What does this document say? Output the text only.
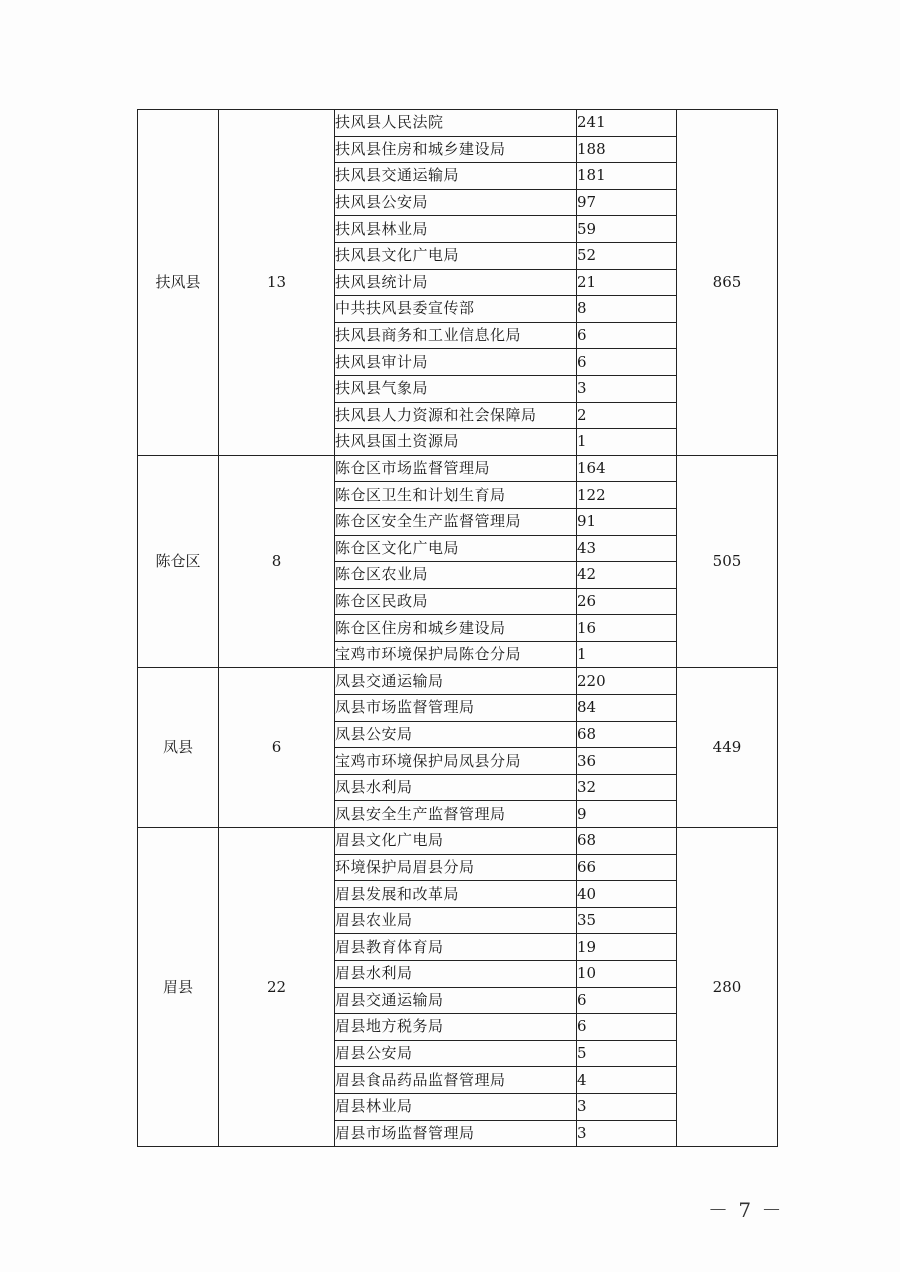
扶风县	13	扶风县人民法院	241	865
		扶风县住房和城乡建设局	188	
		扶风县交通运输局	181	
		扶风县公安局	97	
		扶风县林业局	59	
		扶风县文化广电局	52	
		扶风县统计局	21	
		中共扶风县委宣传部	8	
		扶风县商务和工业信息化局	6	
		扶风县审计局	6	
		扶风县气象局	3	
		扶风县人力资源和社会保障局	2	
		扶风县国土资源局	1	
陈仓区	8	陈仓区市场监督管理局	164	505
		陈仓区卫生和计划生育局	122	
		陈仓区安全生产监督管理局	91	
		陈仓区文化广电局	43	
		陈仓区农业局	42	
		陈仓区民政局	26	
		陈仓区住房和城乡建设局	16	
		宝鸡市环境保护局陈仓分局	1	
凤县	6	凤县交通运输局	220	449
		凤县市场监督管理局	84	
		凤县公安局	68	
		宝鸡市环境保护局凤县分局	36	
		凤县水利局	32	
		凤县安全生产监督管理局	9	
眉县	22	眉县文化广电局	68	280
		环境保护局眉县分局	66	
		眉县发展和改革局	40	
		眉县农业局	35	
		眉县教育体育局	19	
		眉县水利局	10	
		眉县交通运输局	6	
		眉县地方税务局	6	
		眉县公安局	5	
		眉县食品药品监督管理局	4	
		眉县林业局	3	
		眉县市场监督管理局	3	
－ 7 －
